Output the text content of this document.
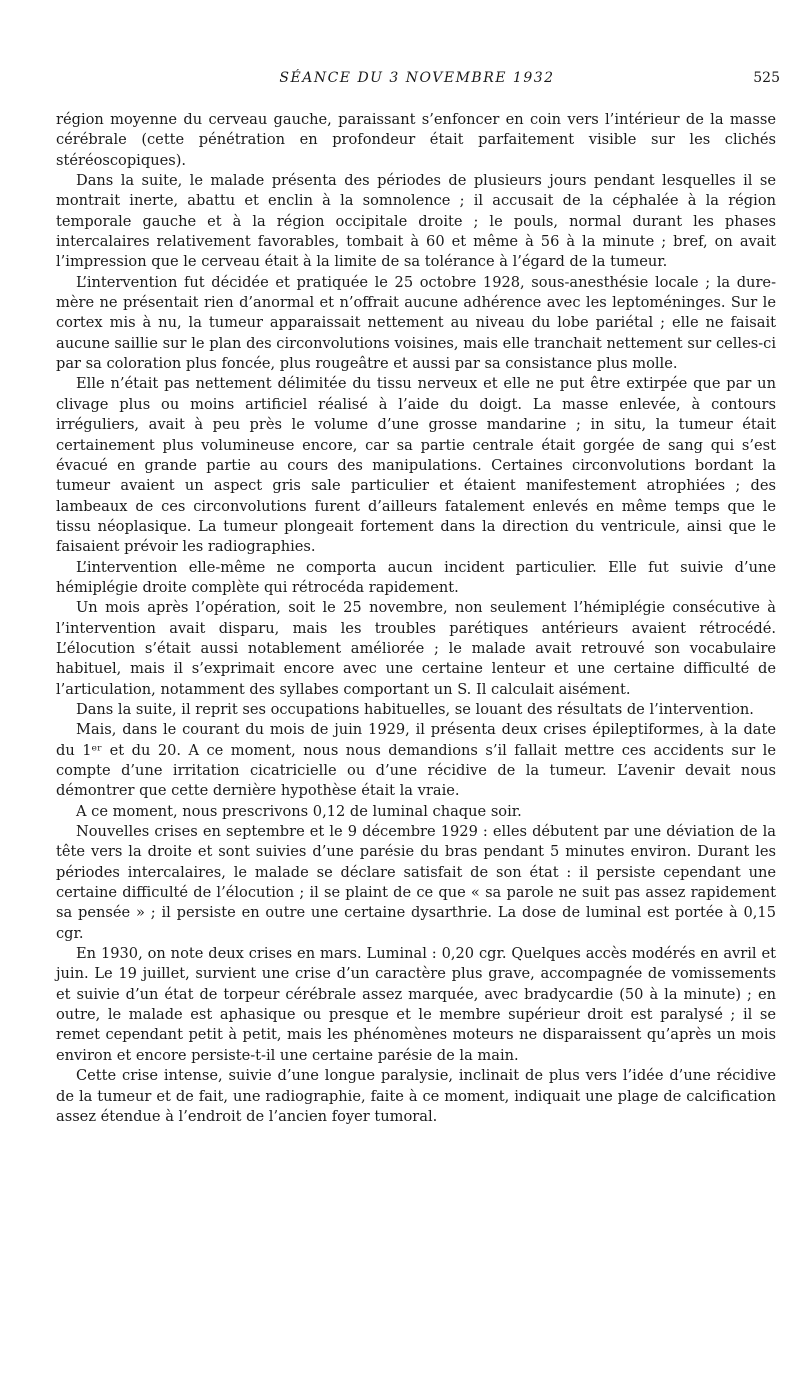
SÉANCE DU 3 NOVEMBRE 1932	525

région moyenne du cerveau gauche, paraissant s’enfoncer en coin vers l’intérieur de la masse cérébrale (cette pénétration en profondeur était parfaitement visible sur les clichés stéréoscopiques).

Dans la suite, le malade présenta des périodes de plusieurs jours pendant lesquelles il se montrait inerte, abattu et enclin à la somnolence ; il accusait de la céphalée à la région temporale gauche et à la région occipitale droite ; le pouls, normal durant les phases intercalaires relativement favorables, tombait à 60 et même à 56 à la minute ; bref, on avait l’impression que le cerveau était à la limite de sa tolérance à l’égard de la tumeur.

L’intervention fut décidée et pratiquée le 25 octobre 1928, sous-anesthésie locale ; la dure-mère ne présentait rien d’anormal et n’offrait aucune adhérence avec les leptoméninges. Sur le cortex mis à nu, la tumeur apparaissait nettement au niveau du lobe pariétal ; elle ne faisait aucune saillie sur le plan des circonvolutions voisines, mais elle tranchait nettement sur celles-ci par sa coloration plus foncée, plus rougeâtre et aussi par sa consistance plus molle.

Elle n’était pas nettement délimitée du tissu nerveux et elle ne put être extirpée que par un clivage plus ou moins artificiel réalisé à l’aide du doigt. La masse enlevée, à contours irréguliers, avait à peu près le volume d’une grosse mandarine ; in situ, la tumeur était certainement plus volumineuse encore, car sa partie centrale était gorgée de sang qui s’est évacué en grande partie au cours des manipulations. Certaines circonvolutions bordant la tumeur avaient un aspect gris sale particulier et étaient manifestement atrophiées ; des lambeaux de ces circonvolutions furent d’ailleurs fatalement enlevés en même temps que le tissu néoplasique. La tumeur plongeait fortement dans la direction du ventricule, ainsi que le faisaient prévoir les radiographies.

L’intervention elle-même ne comporta aucun incident particulier. Elle fut suivie d’une hémiplégie droite complète qui rétrocéda rapidement.

Un mois après l’opération, soit le 25 novembre, non seulement l’hémiplégie consécutive à l’intervention avait disparu, mais les troubles parétiques antérieurs avaient rétrocédé. L’élocution s’était aussi notablement améliorée ; le malade avait retrouvé son vocabulaire habituel, mais il s’exprimait encore avec une certaine lenteur et une certaine difficulté de l’articulation, notamment des syllabes comportant un S. Il calculait aisément.

Dans la suite, il reprit ses occupations habituelles, se louant des résultats de l’intervention.

Mais, dans le courant du mois de juin 1929, il présenta deux crises épileptiformes, à la date du 1ᵉʳ et du 20. A ce moment, nous nous demandions s’il fallait mettre ces accidents sur le compte d’une irritation cicatricielle ou d’une récidive de la tumeur. L’avenir devait nous démontrer que cette dernière hypothèse était la vraie.

A ce moment, nous prescrivons 0,12 de luminal chaque soir.

Nouvelles crises en septembre et le 9 décembre 1929 : elles débutent par une déviation de la tête vers la droite et sont suivies d’une parésie du bras pendant 5 minutes environ. Durant les périodes intercalaires, le malade se déclare satisfait de son état : il persiste cependant une certaine difficulté de l’élocution ; il se plaint de ce que « sa parole ne suit pas assez rapidement sa pensée » ; il persiste en outre une certaine dysarthrie. La dose de luminal est portée à 0,15 cgr.

En 1930, on note deux crises en mars. Luminal : 0,20 cgr. Quelques accès modérés en avril et juin. Le 19 juillet, survient une crise d’un caractère plus grave, accompagnée de vomissements et suivie d’un état de torpeur cérébrale assez marquée, avec bradycardie (50 à la minute) ; en outre, le malade est aphasique ou presque et le membre supérieur droit est paralysé ; il se remet cependant petit à petit, mais les phénomènes moteurs ne disparaissent qu’après un mois environ et encore persiste-t-il une certaine parésie de la main.

Cette crise intense, suivie d’une longue paralysie, inclinait de plus vers l’idée d’une récidive de la tumeur et de fait, une radiographie, faite à ce moment, indiquait une plage de calcification assez étendue à l’endroit de l’ancien foyer tumoral.
